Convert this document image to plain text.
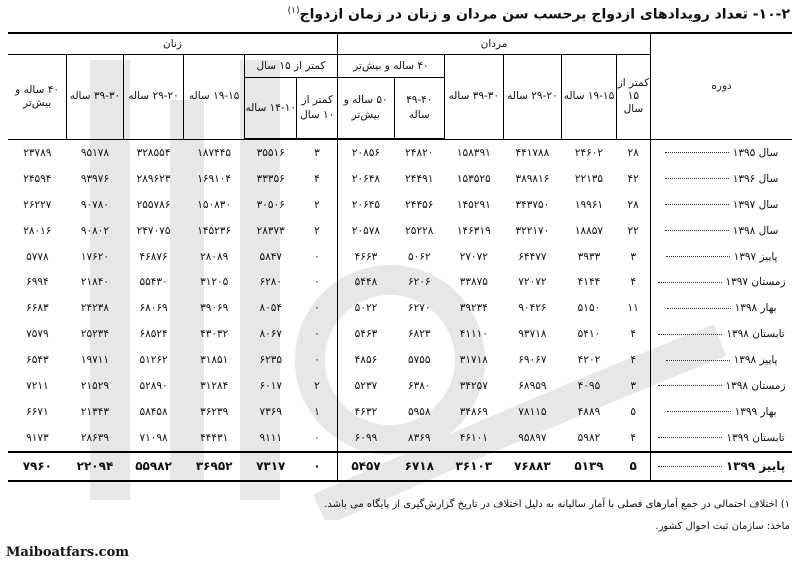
۱۰-۲- تعداد رویدادهای ازدواج برحسب سن مردان و زنان در زمان ازدواج$^{(۱)}$
دوره	مردان						زنان					
	کمتر از ۱۵ سال	۱۹-۱۵ ساله	۲۹-۲۰ ساله	۳۹-۳۰ ساله	۴۰ ساله و بیش‌تر		کمتر از ۱۵ سال		۱۹-۱۵ ساله	۲۹-۲۰ ساله	۳۹-۳۰ ساله	۴۰ ساله و بیش‌تر
					۴۹-۴۰ ساله	۵۰ ساله و بیش‌تر	کمتر از ۱۰ سال	۱۴-۱۰ ساله				
سال ۱۳۹۵	۲۸	۲۴۶۰۲	۴۴۱۷۸۸	۱۵۸۳۹۱	۲۴۸۲۰	۲۰۸۵۶	۳	۳۵۵۱۶	۱۸۷۴۴۵	۳۲۸۵۵۴	۹۵۱۷۸	۲۳۷۸۹
سال ۱۳۹۶	۴۲	۲۲۱۳۵	۳۸۹۸۱۶	۱۵۳۵۲۵	۲۴۴۹۱	۲۰۶۴۸	۴	۳۳۳۵۶	۱۶۹۱۰۴	۲۸۹۶۲۳	۹۳۹۷۶	۲۴۵۹۴
سال ۱۳۹۷	۲۸	۱۹۹۶۱	۳۴۳۷۵۰	۱۴۵۲۹۱	۲۴۴۵۶	۲۰۶۴۵	۲	۳۰۵۰۶	۱۵۰۸۳۰	۲۵۵۷۸۶	۹۰۷۸۰	۲۶۲۲۷
سال ۱۳۹۸	۲۲	۱۸۸۵۷	۳۲۲۱۷۰	۱۴۶۳۱۹	۲۵۲۲۸	۲۰۵۷۸	۲	۲۸۳۷۳	۱۴۵۲۳۶	۲۴۷۰۷۵	۹۰۸۰۲	۲۸۰۱۶
پاییز ۱۳۹۷	۳	۳۹۳۳	۶۴۴۷۷	۲۷۰۷۲	۵۰۶۲	۴۶۶۳	۰	۵۸۴۷	۲۸۰۸۹	۴۶۸۷۶	۱۷۶۲۰	۵۷۷۸
زمستان ۱۳۹۷	۴	۴۱۴۴	۷۲۰۷۲	۳۳۸۷۵	۶۲۰۶	۵۴۴۸	۰	۶۲۸۰	۳۱۲۰۵	۵۵۴۳۰	۲۱۸۴۰	۶۹۹۴
بهار ۱۳۹۸	۱۱	۵۱۵۰	۹۰۴۲۶	۳۹۲۳۴	۶۲۷۰	۵۰۲۲	۰	۸۰۵۴	۳۹۰۶۹	۶۸۰۶۹	۲۴۲۳۸	۶۶۸۳
تابستان ۱۳۹۸	۴	۵۴۱۰	۹۳۷۱۸	۴۱۱۱۰	۶۸۲۳	۵۴۶۳	۰	۸۰۶۷	۴۳۰۳۲	۶۸۵۲۴	۲۵۲۳۴	۷۵۷۹
پاییز ۱۳۹۸	۴	۴۲۰۲	۶۹۰۶۷	۳۱۷۱۸	۵۷۵۵	۴۸۵۶	۰	۶۲۳۵	۳۱۸۵۱	۵۱۲۶۲	۱۹۷۱۱	۶۵۴۳
زمستان ۱۳۹۸	۳	۴۰۹۵	۶۸۹۵۹	۳۴۲۵۷	۶۳۸۰	۵۲۳۷	۲	۶۰۱۷	۳۱۲۸۴	۵۲۸۹۰	۲۱۵۲۹	۷۲۱۱
بهار ۱۳۹۹	۵	۴۸۸۹	۷۸۱۱۵	۳۴۸۶۹	۵۹۵۸	۴۶۳۲	۱	۷۳۶۹	۳۶۲۳۹	۵۸۴۵۸	۲۱۳۴۳	۶۶۷۱
تابستان ۱۳۹۹	۴	۵۹۸۲	۹۵۸۹۷	۴۶۱۰۱	۸۳۶۹	۶۰۹۹	۰	۹۱۱۱	۴۴۴۳۱	۷۱۰۹۸	۲۸۶۳۹	۹۱۷۳
پاییز ۱۳۹۹	۵	۵۱۳۹	۷۶۸۸۳	۳۶۱۰۳	۶۷۱۸	۵۴۵۷	۰	۷۳۱۷	۳۶۹۵۲	۵۵۹۸۲	۲۲۰۹۴	۷۹۶۰
۱) اختلاف احتمالی در جمع آمارهای فصلی با آمار سالیانه به دلیل اختلاف در تاریخ گزارش‌گیری از پایگاه می باشد.
ماخذ: سازمان ثبت احوال کشور.
Maiboatfars.com
